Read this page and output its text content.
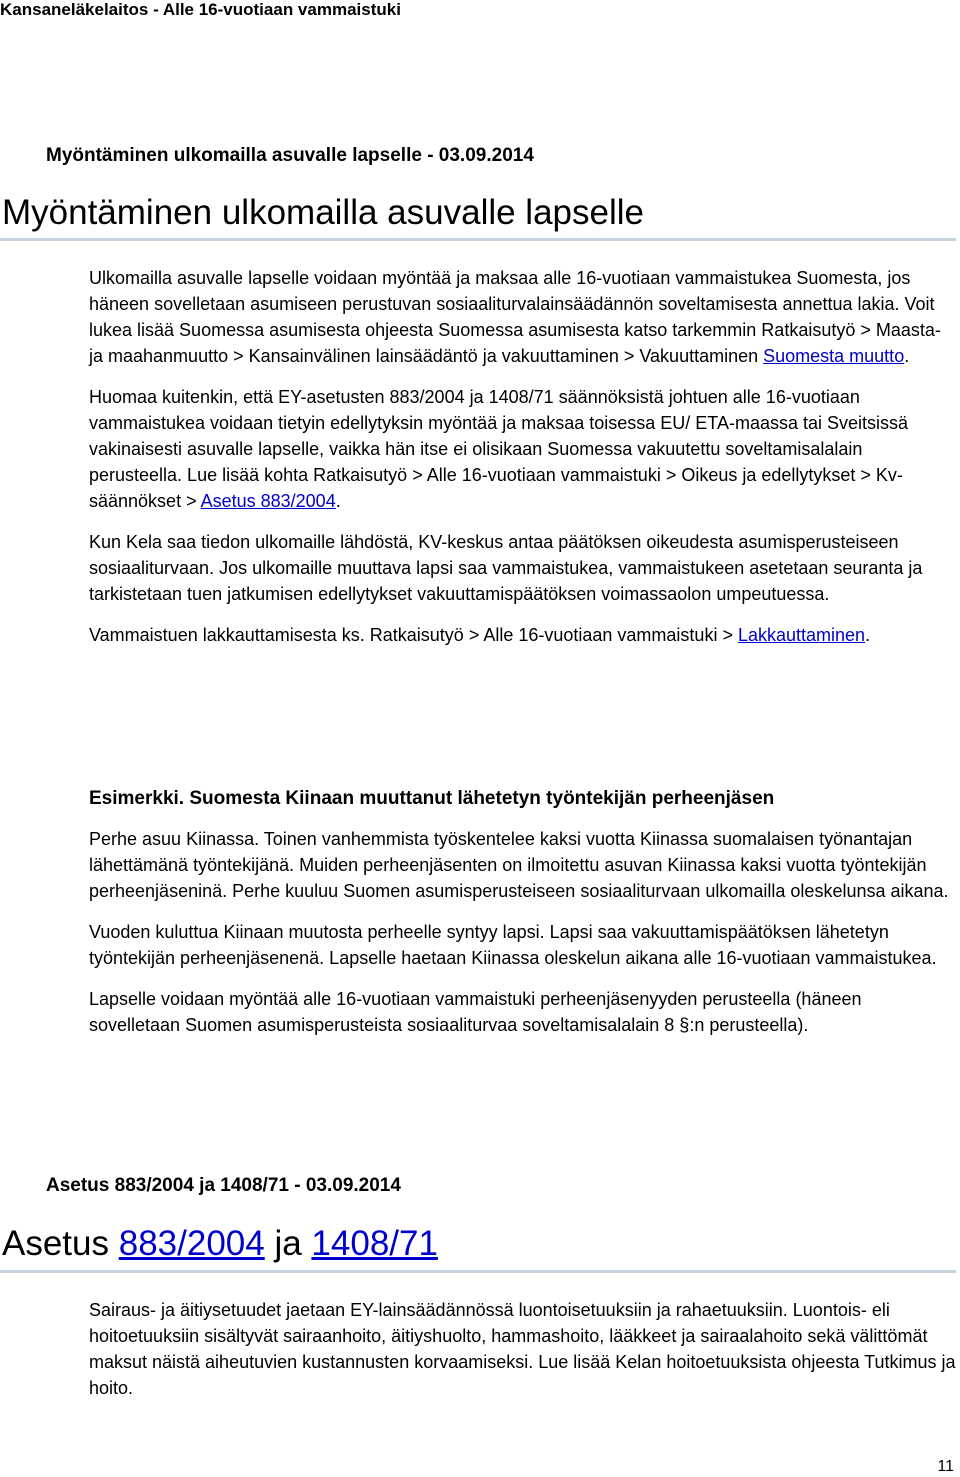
Kansaneläkelaitos - Alle 16-vuotiaan vammaistuki
Myöntäminen ulkomailla asuvalle lapselle - 03.09.2014
Myöntäminen ulkomailla asuvalle lapselle

Ulkomailla asuvalle lapselle voidaan myöntää ja maksaa alle 16-vuotiaan vammaistukea Suomesta, jos häneen sovelletaan asumiseen perustuvan sosiaaliturvalainsäädännön soveltamisesta annettua lakia. Voit lukea lisää Suomessa asumisesta ohjeesta Suomessa asumisesta katso tarkemmin Ratkaisutyö > Maasta- ja maahanmuutto > Kansainvälinen lainsäädäntö ja vakuuttaminen > Vakuuttaminen Suomesta muutto.

Huomaa kuitenkin, että EY-asetusten 883/2004 ja 1408/71 säännöksistä johtuen alle 16-vuotiaan vammaistukea voidaan tietyin edellytyksin myöntää ja maksaa toisessa EU/ ETA-maassa tai Sveitsissä vakinaisesti asuvalle lapselle, vaikka hän itse ei olisikaan Suomessa vakuutettu soveltamisalalain perusteella. Lue lisää kohta Ratkaisutyö > Alle 16-vuotiaan vammaistuki > Oikeus ja edellytykset > Kv-säännökset > Asetus 883/2004.

Kun Kela saa tiedon ulkomaille lähdöstä, KV-keskus antaa päätöksen oikeudesta asumisperusteiseen sosiaaliturvaan. Jos ulkomaille muuttava lapsi saa vammaistukea, vammaistukeen asetetaan seuranta ja tarkistetaan tuen jatkumisen edellytykset vakuuttamispäätöksen voimassaolon umpeutuessa.

Vammaistuen lakkauttamisesta ks. Ratkaisutyö > Alle 16-vuotiaan vammaistuki > Lakkauttaminen.

Esimerkki. Suomesta Kiinaan muuttanut lähetetyn työntekijän perheenjäsen

Perhe asuu Kiinassa. Toinen vanhemmista työskentelee kaksi vuotta Kiinassa suomalaisen työnantajan lähettämänä työntekijänä. Muiden perheenjäsenten on ilmoitettu asuvan Kiinassa kaksi vuotta työntekijän perheenjäseninä. Perhe kuuluu Suomen asumisperusteiseen sosiaaliturvaan ulkomailla oleskelunsa aikana.

Vuoden kuluttua Kiinaan muutosta perheelle syntyy lapsi. Lapsi saa vakuuttamispäätöksen lähetetyn työntekijän perheenjäsenenä. Lapselle haetaan Kiinassa oleskelun aikana alle 16-vuotiaan vammaistukea.

Lapselle voidaan myöntää alle 16-vuotiaan vammaistuki perheenjäsenyyden perusteella (häneen sovelletaan Suomen asumisperusteista sosiaaliturvaa soveltamisalalain 8 §:n perusteella).

Asetus 883/2004 ja 1408/71 - 03.09.2014
Asetus 883/2004 ja 1408/71

Sairaus- ja äitiysetuudet jaetaan EY-lainsäädännössä luontoisetuuksiin ja rahaetuuksiin. Luontois- eli hoitoetuuksiin sisältyvät sairaanhoito, äitiyshuolto, hammashoito, lääkkeet ja sairaalahoito sekä välittömät maksut näistä aiheutuvien kustannusten korvaamiseksi. Lue lisää Kelan hoitoetuuksista ohjeesta Tutkimus ja hoito.

11
